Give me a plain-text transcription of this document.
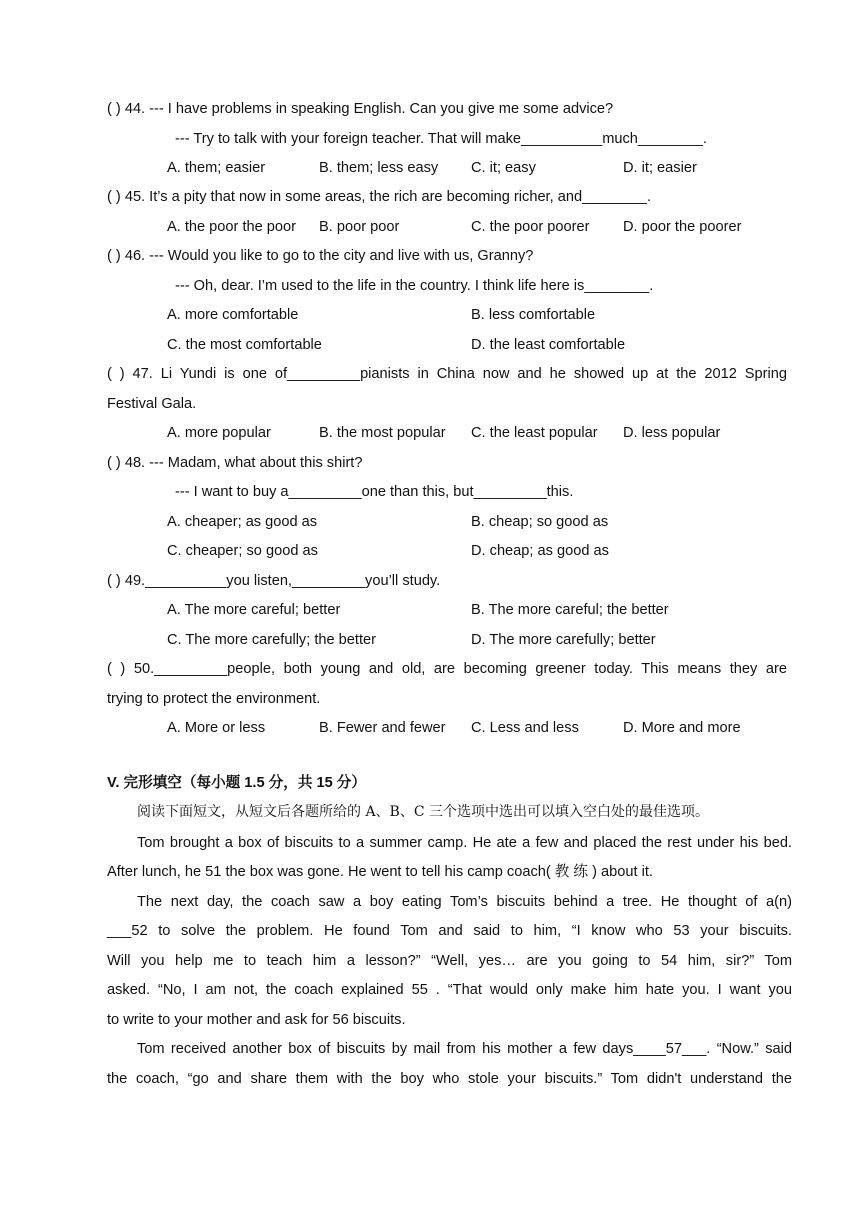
( ) 44. --- I have problems in speaking English. Can you give me some advice?
--- Try to talk with your foreign teacher. That will make__________much________.
A. them; easier	B. them; less easy C. it; easy	D. it; easier
( ) 45. It’s a pity that now in some areas, the rich are becoming richer, and________.
A. the poor the poor B. poor poor	C. the poor poorer D. poor the poorer
( ) 46. --- Would you like to go to the city and live with us, Granny?
--- Oh, dear. I’m used to the life in the country. I think life here is________.
A. more comfortable	B. less comfortable
C. the most comfortable	D. the least comfortable
( ) 47. Li Yundi is one of_________pianists in China now and he showed up at the 2012 Spring
Festival Gala.
A. more popular	B. the most popular C. the least popular D. less popular
( ) 48. --- Madam, what about this shirt?
--- I want to buy a_________one than this, but_________this.
A. cheaper; as good as	B. cheap; so good as
C. cheaper; so good as	D. cheap; as good as
( ) 49.__________you listen,_________you’ll study.
A. The more careful; better	B. The more careful; the better
C. The more carefully; the better	D. The more carefully; better
( ) 50._________people, both young and old, are becoming greener today. This means they are
trying to protect the environment.
A. More or less	B. Fewer and fewer C. Less and less	D. More and more
V. 完形填空（每小题 1.5 分，共 15 分）
阅读下面短文，从短文后各题所给的 A、B、C 三个选项中选出可以填入空白处的最佳选项。
Tom brought a box of biscuits to a summer camp. He ate a few and placed the rest under his bed.
After lunch, he 51 the box was gone. He went to tell his camp coach( 教 练 ) about it.
The next day, the coach saw a boy eating Tom’s biscuits behind a tree. He thought of a(n)
___52 to solve the problem. He found Tom and said to him, “I know who 53 your biscuits.
Will you help me to teach him a lesson?” “Well, yes… are you going to 54 him, sir?” Tom
asked. “No, I am not, the coach explained 55 . “That would only make him hate you. I want you
to write to your mother and ask for 56 biscuits.
Tom received another box of biscuits by mail from his mother a few days____57___. “Now.” said
the coach, “go and share them with the boy who stole your biscuits.” Tom didn't understand the
